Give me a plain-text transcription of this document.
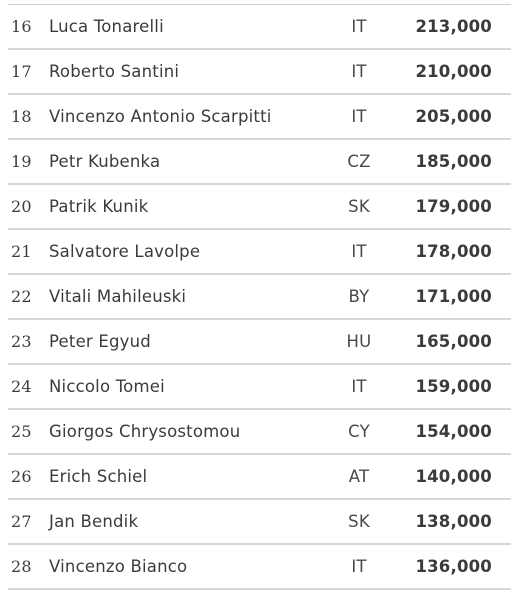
16	Luca Tonarelli	IT	213,000
17	Roberto Santini	IT	210,000
18	Vincenzo Antonio Scarpitti	IT	205,000
19	Petr Kubenka	CZ	185,000
20	Patrik Kunik	SK	179,000
21	Salvatore Lavolpe	IT	178,000
22	Vitali Mahileuski	BY	171,000
23	Peter Egyud	HU	165,000
24	Niccolo Tomei	IT	159,000
25	Giorgos Chrysostomou	CY	154,000
26	Erich Schiel	AT	140,000
27	Jan Bendik	SK	138,000
28	Vincenzo Bianco	IT	136,000
